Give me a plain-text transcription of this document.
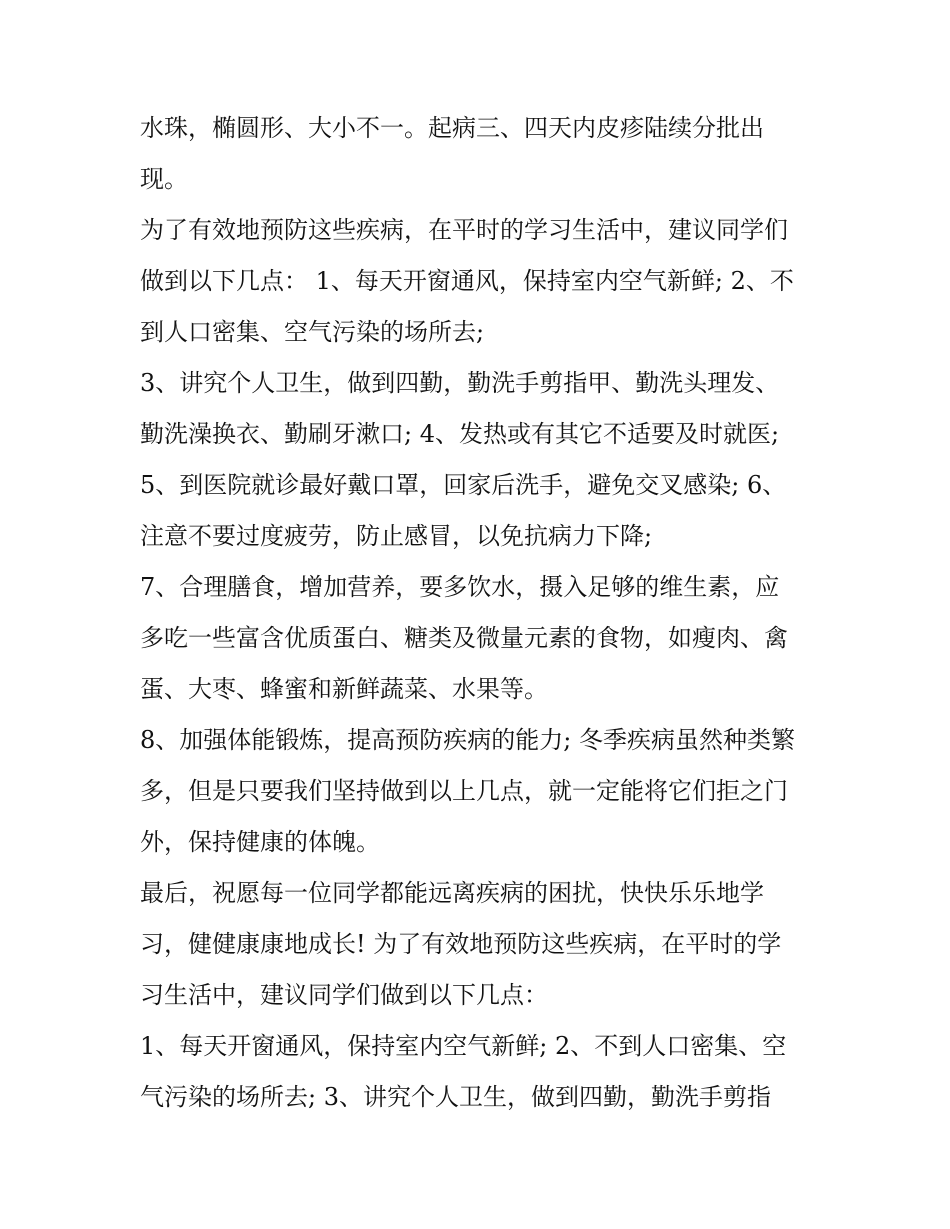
水珠，椭圆形、大小不一。起病三、四天内皮疹陆续分批出
现。
为了有效地预防这些疾病，在平时的学习生活中，建议同学们
做到以下几点： 1、每天开窗通风，保持室内空气新鲜; 2、不
到人口密集、空气污染的场所去;
3、讲究个人卫生，做到四勤，勤洗手剪指甲、勤洗头理发、
勤洗澡换衣、勤刷牙漱口; 4、发热或有其它不适要及时就医;
5、到医院就诊最好戴口罩，回家后洗手，避免交叉感染; 6、
注意不要过度疲劳，防止感冒，以免抗病力下降;
7、合理膳食，增加营养，要多饮水，摄入足够的维生素，应
多吃一些富含优质蛋白、糖类及微量元素的食物，如瘦肉、禽
蛋、大枣、蜂蜜和新鲜蔬菜、水果等。
8、加强体能锻炼，提高预防疾病的能力; 冬季疾病虽然种类繁
多，但是只要我们坚持做到以上几点，就一定能将它们拒之门
外，保持健康的体魄。
最后，祝愿每一位同学都能远离疾病的困扰，快快乐乐地学
习，健健康康地成长! 为了有效地预防这些疾病，在平时的学
习生活中，建议同学们做到以下几点：
1、每天开窗通风，保持室内空气新鲜; 2、不到人口密集、空
气污染的场所去; 3、讲究个人卫生，做到四勤，勤洗手剪指
